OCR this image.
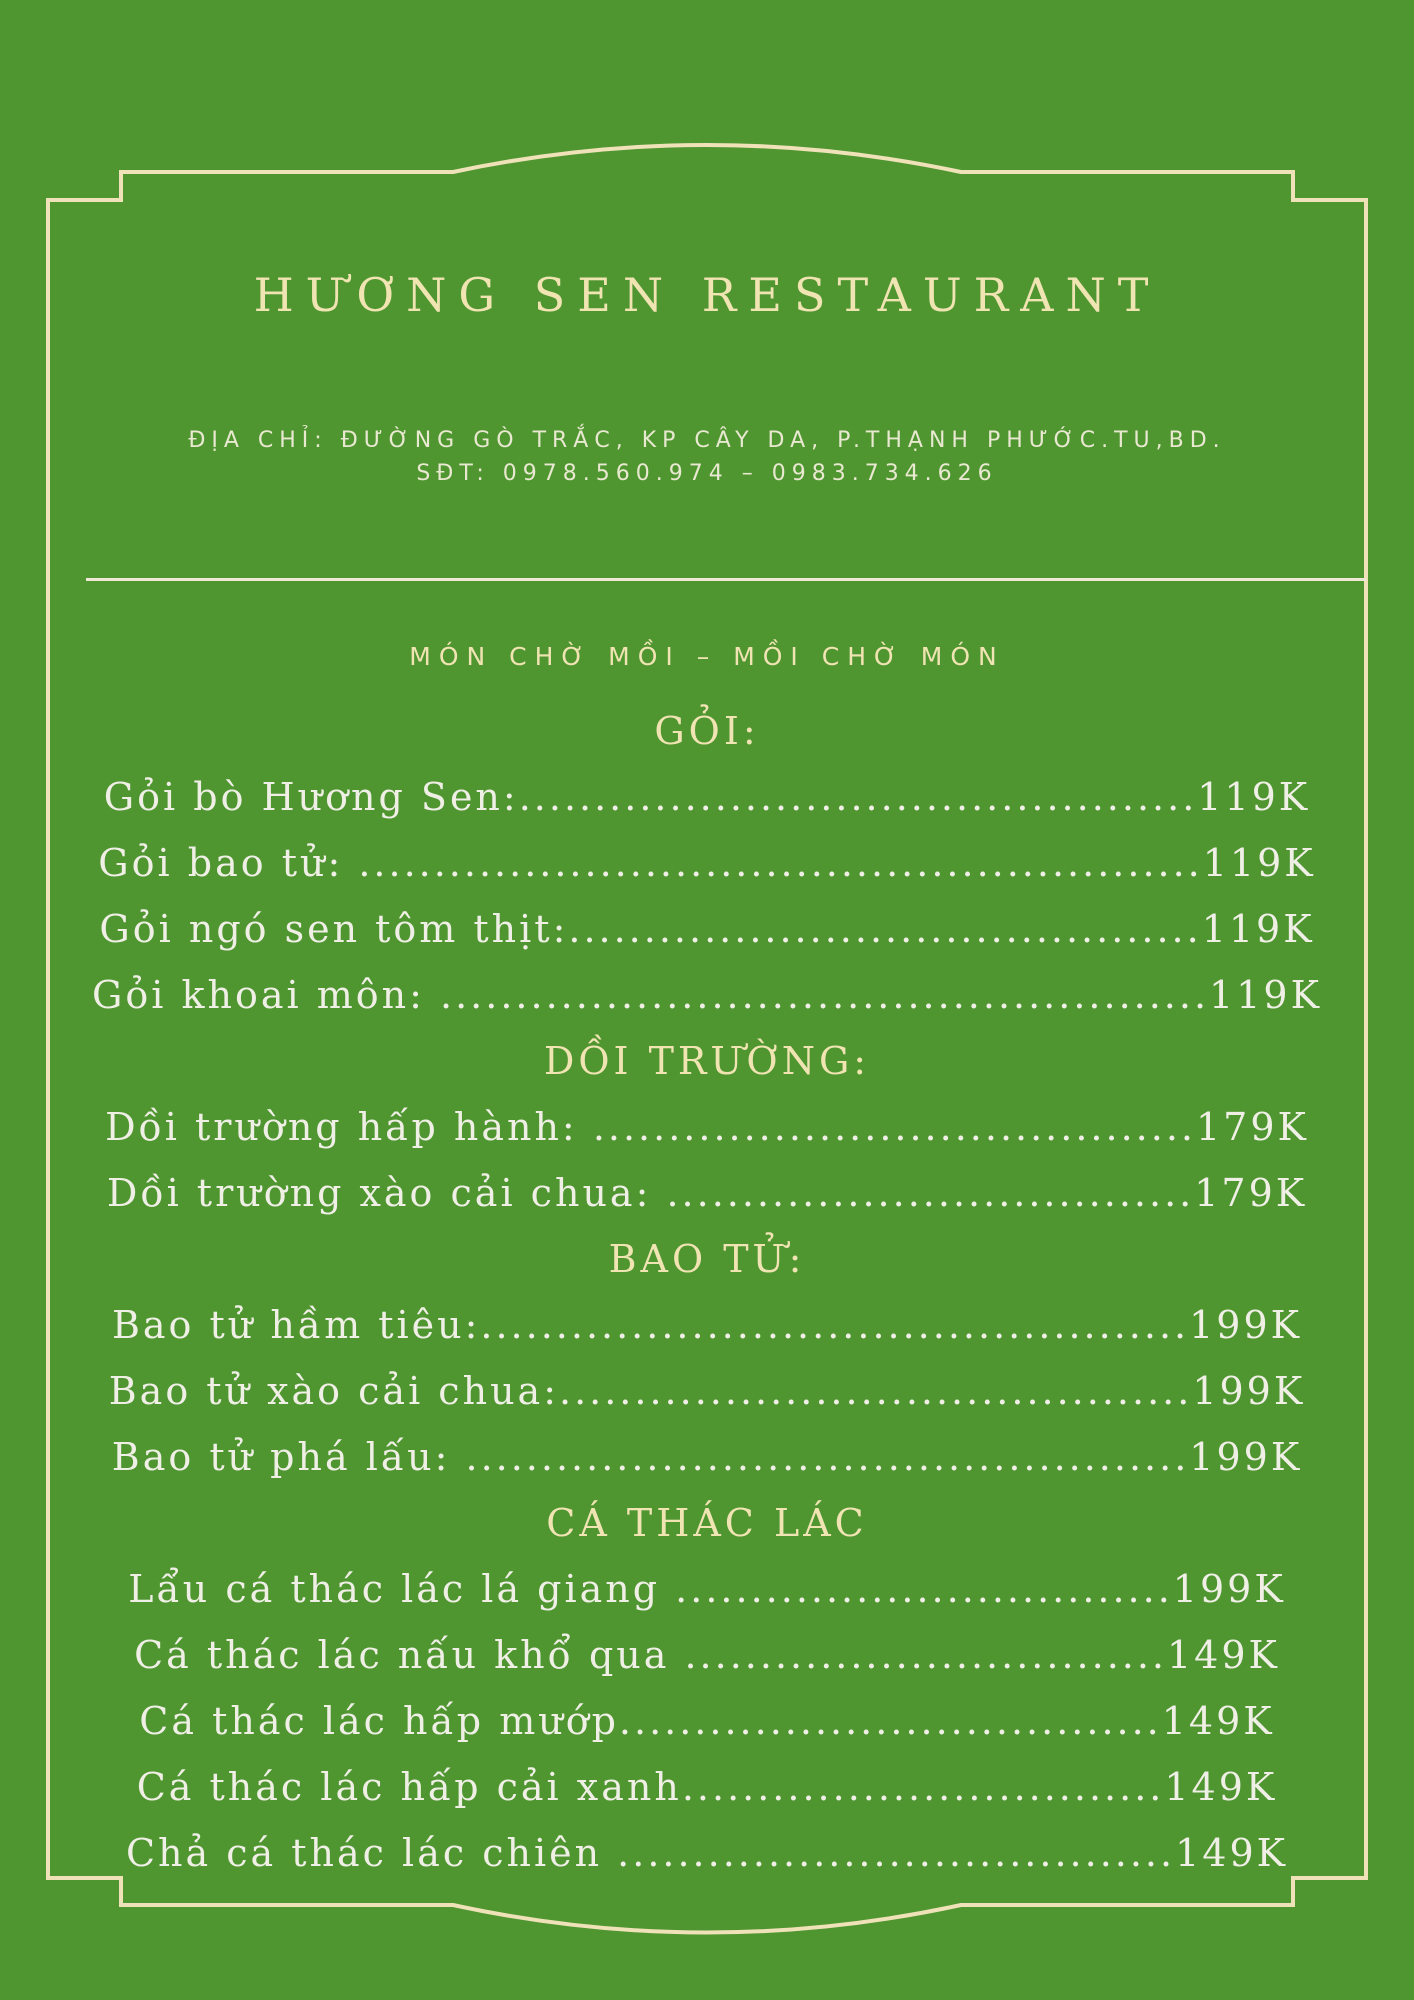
HƯƠNG SEN RESTAURANT
ĐỊA CHỈ: ĐƯỜNG GÒ TRẮC, KP CÂY DA, P.THẠNH PHƯỚC.TU,BD.
SĐT: 0978.560.974 – 0983.734.626
MÓN CHỜ MỒI – MỒI CHỜ MÓN
GỎI:
Gỏi bò Hương Sen:.............................................119K
Gỏi bao tử: ........................................................119K
Gỏi ngó sen tôm thịt:..........................................119K
Gỏi khoai môn: ...................................................119K
DỒI TRƯỜNG:
Dồi trường hấp hành: ........................................179K
Dồi trường xào cải chua: ...................................179K
BAO TỬ:
Bao tử hầm tiêu:...............................................199K
Bao tử xào cải chua:..........................................199K
Bao tử phá lấu: ................................................199K
CÁ THÁC LÁC
Lẩu cá thác lác lá giang .................................199K
Cá thác lác nấu khổ qua ................................149K
Cá thác lác hấp mướp....................................149K
Cá thác lác hấp cải xanh................................149K
Chả cá thác lác chiên .....................................149K
